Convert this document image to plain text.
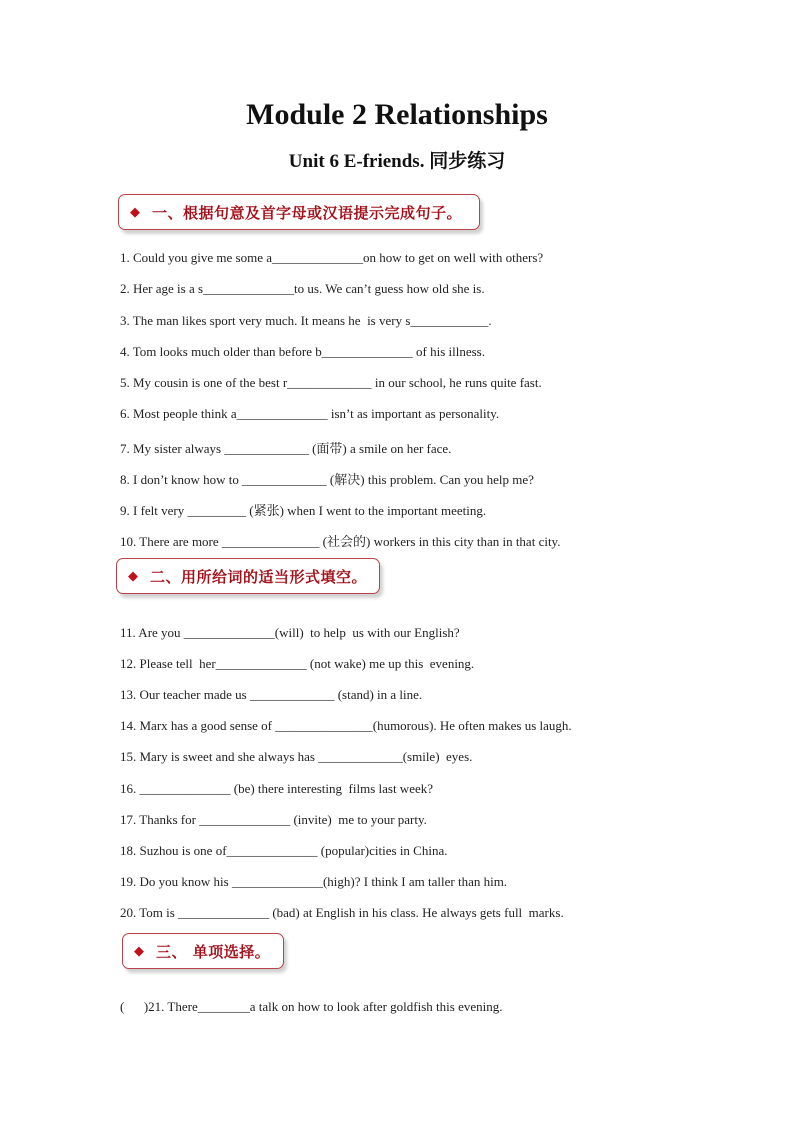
Module 2 Relationships
Unit 6 E-friends. 同步练习
◆ 一、根据句意及首字母或汉语提示完成句子。
1. Could you give me some a______________on how to get on well with others?
2. Her age is a s______________to us. We can’t guess how old she is.
3. The man likes sport very much. It means he  is very s____________.
4. Tom looks much older than before b______________ of his illness.
5. My cousin is one of the best r_____________ in our school, he runs quite fast.
6. Most people think a______________ isn’t as important as personality.
7. My sister always _____________ (面带) a smile on her face.
8. I don’t know how to _____________ (解决) this problem. Can you help me?
9. I felt very _________ (紧张) when I went to the important meeting.
10. There are more _______________ (社会的) workers in this city than in that city.
◆ 二、用所给词的适当形式填空。
11. Are you ______________(will)  to help  us with our English?
12. Please tell  her______________ (not wake) me up this  evening.
13. Our teacher made us _____________ (stand) in a line.
14. Marx has a good sense of _______________(humorous). He often makes us laugh.
15. Mary is sweet and she always has _____________(smile)  eyes.
16. ______________ (be) there interesting  films last week?
17. Thanks for ______________ (invite)  me to your party.
18. Suzhou is one of______________ (popular)cities in China.
19. Do you know his ______________(high)? I think I am taller than him.
20. Tom is ______________ (bad) at English in his class. He always gets full  marks.
◆ 三、 单项选择。
(      )21. There________a talk on how to look after goldfish this evening.
